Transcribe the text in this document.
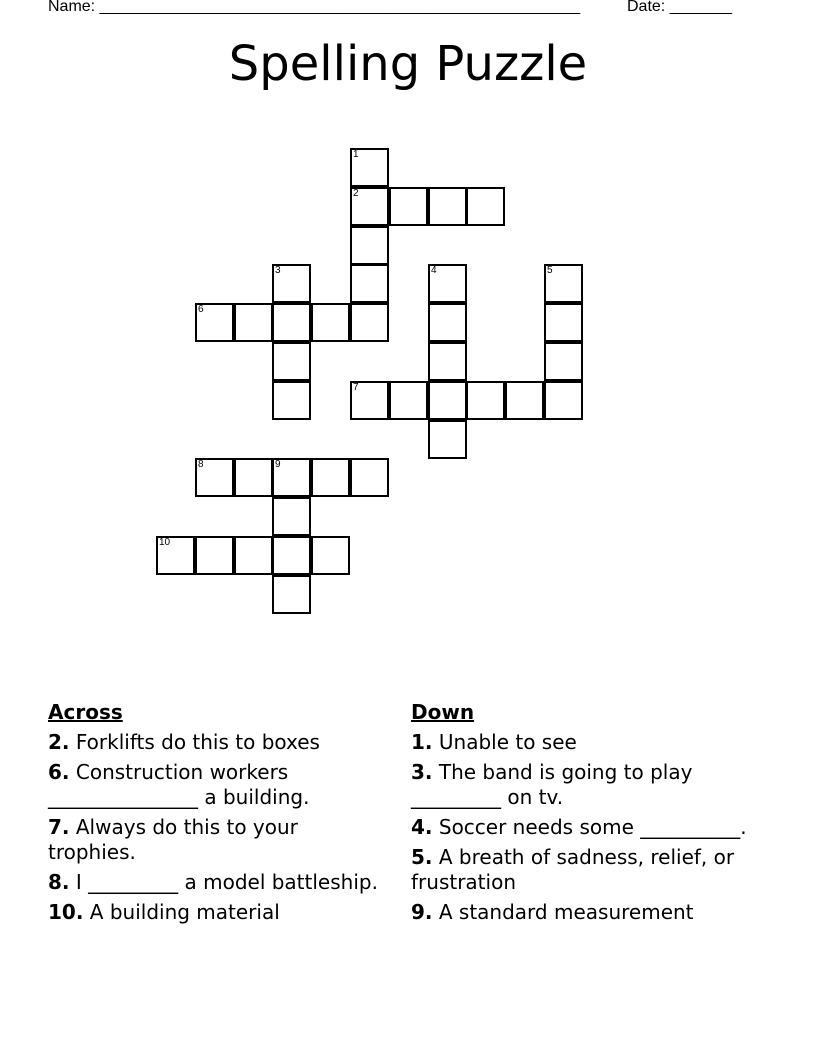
Name: ______________________________________________________	Date: _______
Spelling Puzzle
1
2
3	4	5
6
7
8	9
10
Across
2. Forklifts do this to boxes
6. Construction workers _______________ a building.
7. Always do this to your trophies.
8. I _________ a model battleship.
10. A building material
Down
1. Unable to see
3. The band is going to play _________ on tv.
4. Soccer needs some __________.
5. A breath of sadness, relief, or frustration
9. A standard measurement
